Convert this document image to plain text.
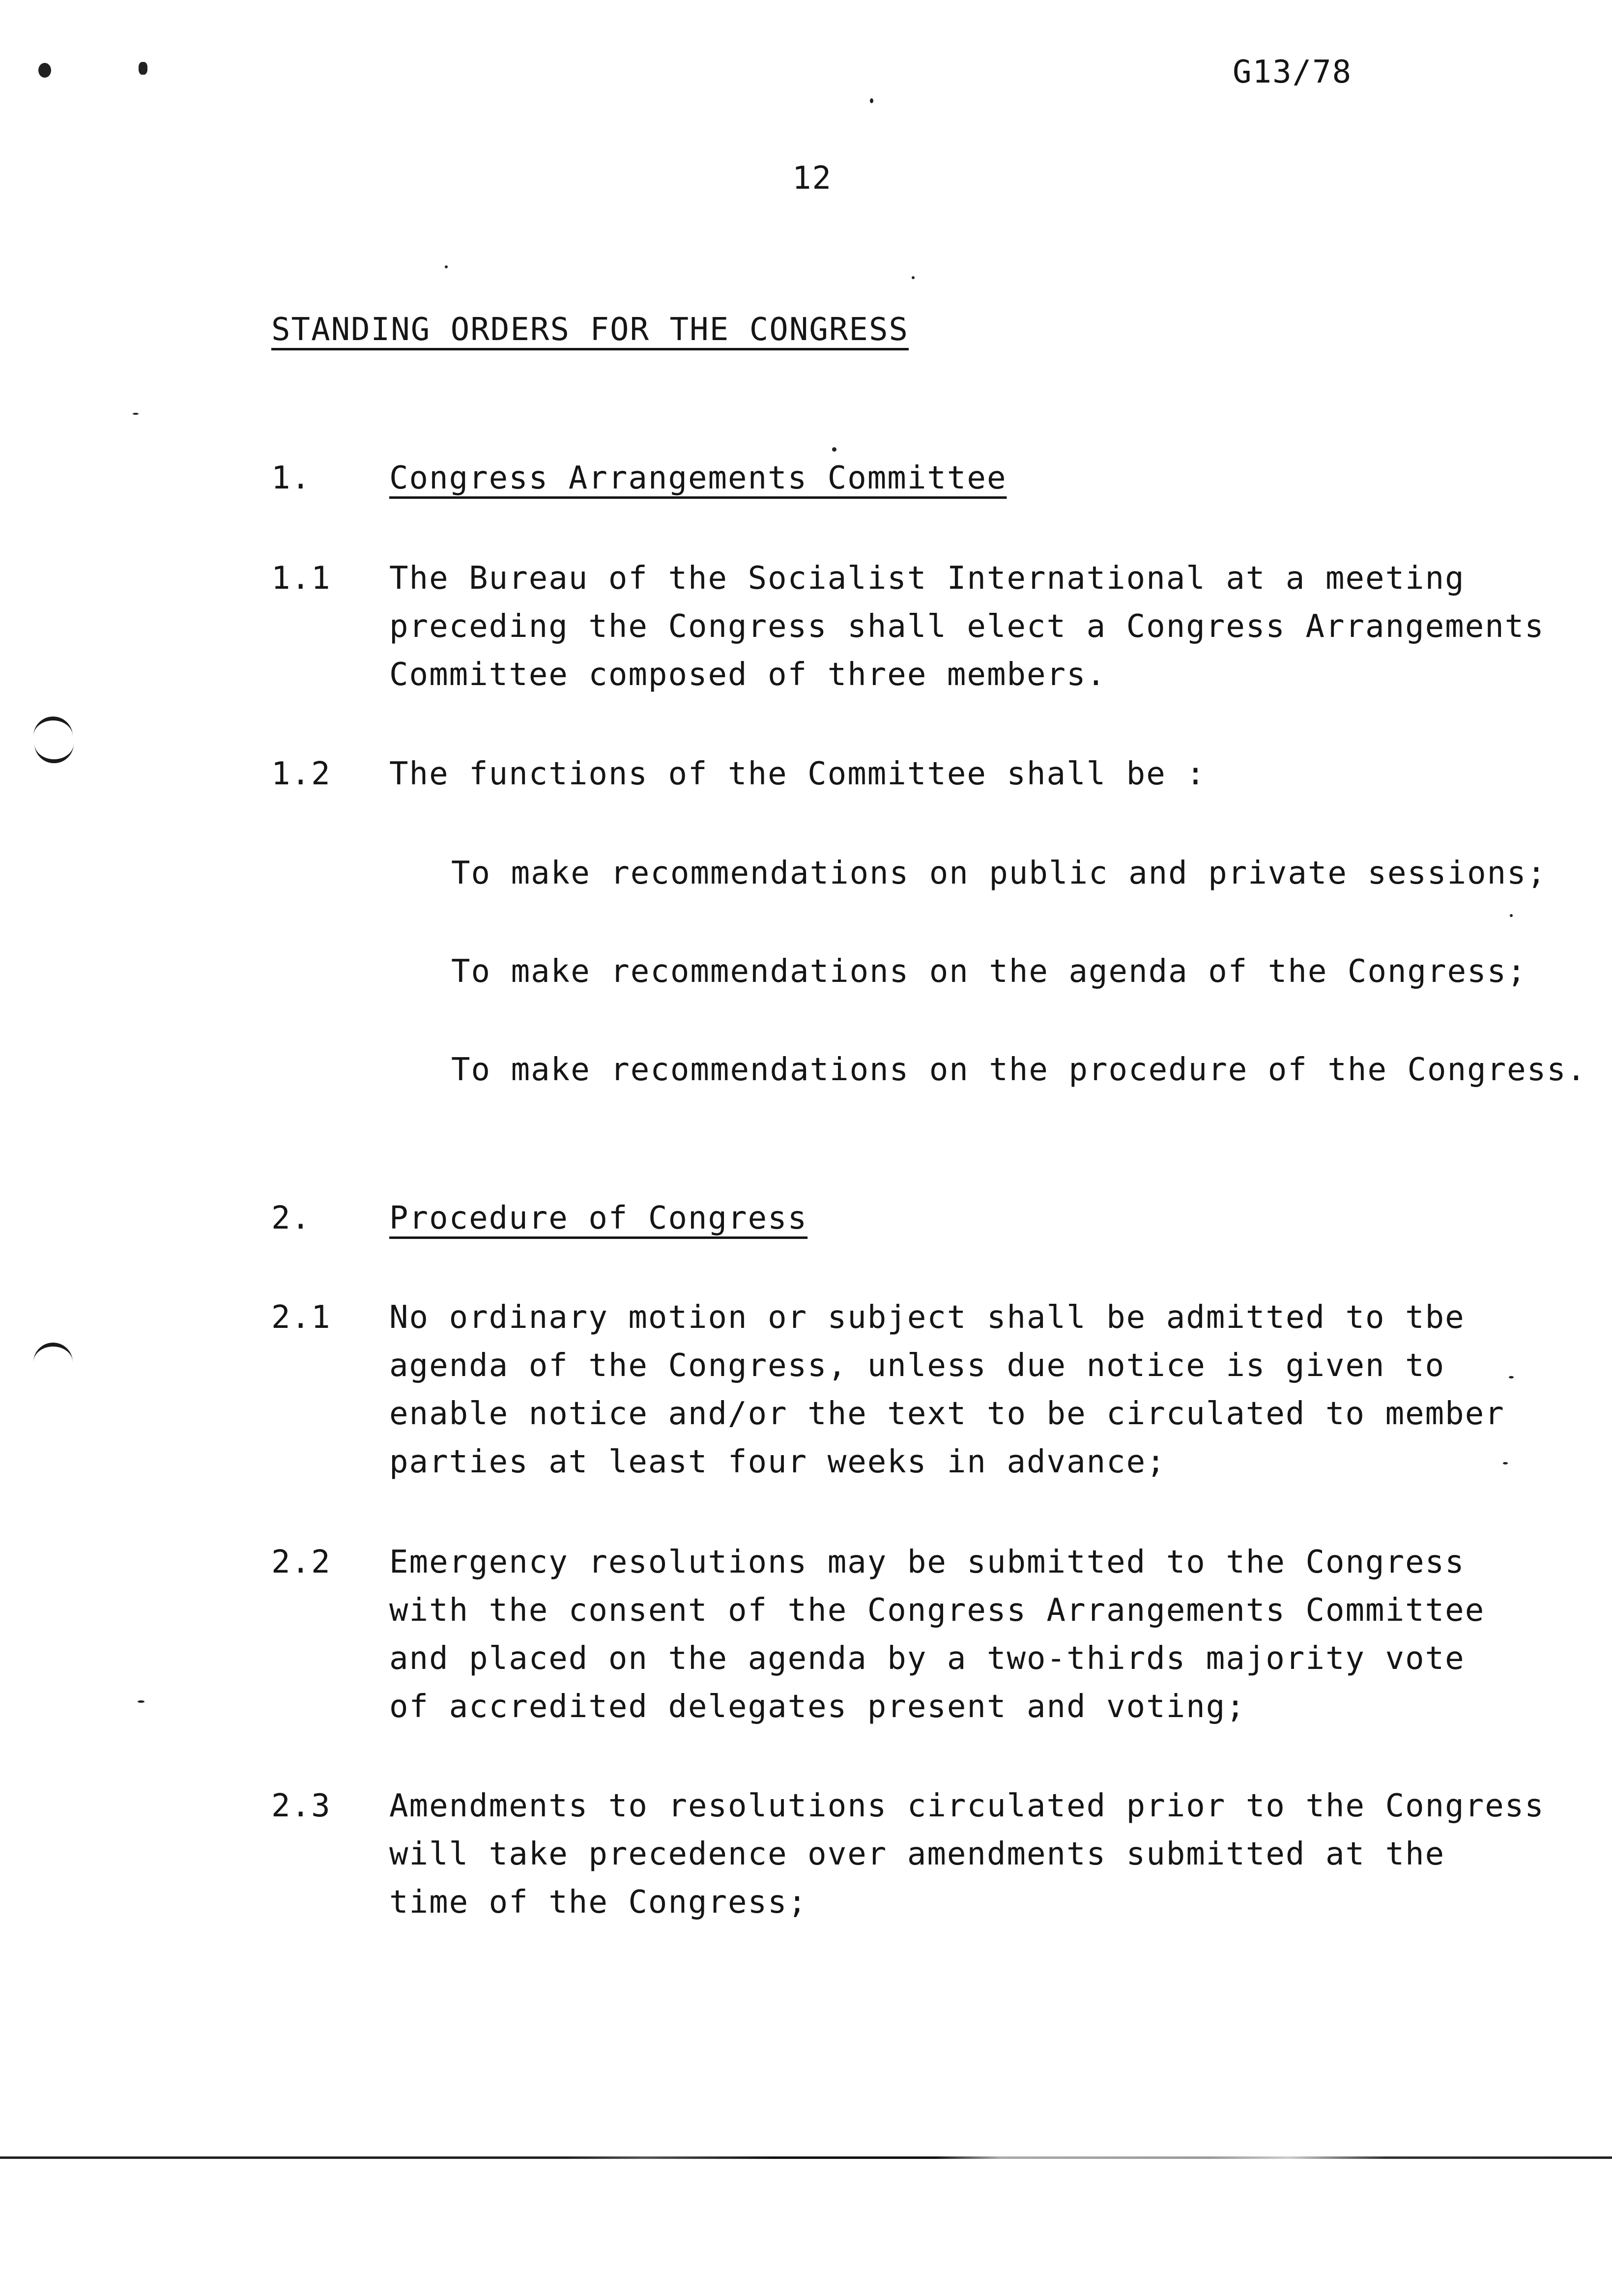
G13/78
12
STANDING ORDERS FOR THE CONGRESS
1. Congress Arrangements Committee
1.1 The Bureau of the Socialist International at a meeting
preceding the Congress shall elect a Congress Arrangements
Committee composed of three members.
1.2 The functions of the Committee shall be :
To make recommendations on public and private sessions;
To make recommendations on the agenda of the Congress;
To make recommendations on the procedure of the Congress.
2. Procedure of Congress
2.1 No ordinary motion or subject shall be admitted to tbe
agenda of the Congress, unless due notice is given to
enable notice and/or the text to be circulated to member
parties at least four weeks in advance;
2.2 Emergency resolutions may be submitted to the Congress
with the consent of the Congress Arrangements Committee
and placed on the agenda by a two-thirds majority vote
of accredited delegates present and voting;
2.3 Amendments to resolutions circulated prior to the Congress
will take precedence over amendments submitted at the
time of the Congress;
